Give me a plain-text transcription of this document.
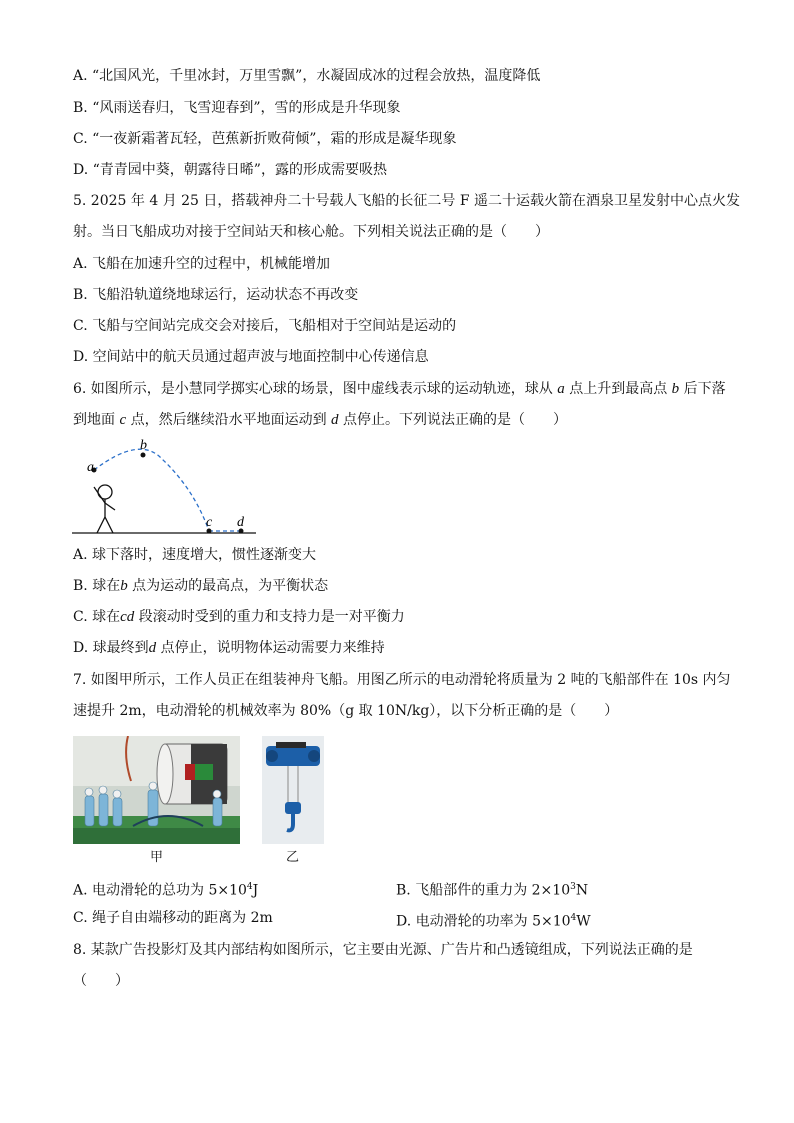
A. “北国风光，千里冰封，万里雪飘”，水凝固成冰的过程会放热，温度降低
B. “风雨送春归，飞雪迎春到”，雪的形成是升华现象
C. “一夜新霜著瓦轻，芭蕉新折败荷倾”，霜的形成是凝华现象
D. “青青园中葵，朝露待日晞”，露的形成需要吸热
5. 2025 年 4 月 25 日，搭载神舟二十号载人飞船的长征二号 F 遥二十运载火箭在酒泉卫星发射中心点火发
射。当日飞船成功对接于空间站天和核心舱。下列相关说法正确的是（　　）
A. 飞船在加速升空的过程中，机械能增加
B. 飞船沿轨道绕地球运行，运动状态不再改变
C. 飞船与空间站完成交会对接后，飞船相对于空间站是运动的
D. 空间站中的航天员通过超声波与地面控制中心传递信息
6. 如图所示，是小慧同学掷实心球的场景，图中虚线表示球的运动轨迹，球从 a 点上升到最高点 b 后下落
到地面 c 点，然后继续沿水平地面运动到 d 点停止。下列说法正确的是（　　）
a
b
c d
A. 球下落时，速度增大，惯性逐渐变大
B. 球在b 点为运动的最高点，为平衡状态
C. 球在cd 段滚动时受到的重力和支持力是一对平衡力
D. 球最终到d 点停止，说明物体运动需要力来维持
7. 如图甲所示，工作人员正在组装神舟飞船。用图乙所示的电动滑轮将质量为 2 吨的飞船部件在 10s 内匀
速提升 2m，电动滑轮的机械效率为 80%（g 取 10N/kg），以下分析正确的是（　　）
甲	乙
A. 电动滑轮的总功为 $5\times 10^4J$	B. 飞船部件的重力为 $2\times 10^3N$
C. 绳子自由端移动的距离为 2m	D. 电动滑轮的功率为 $5\times 10^4W$
8. 某款广告投影灯及其内部结构如图所示，它主要由光源、广告片和凸透镜组成，下列说法正确的是
（　　）
